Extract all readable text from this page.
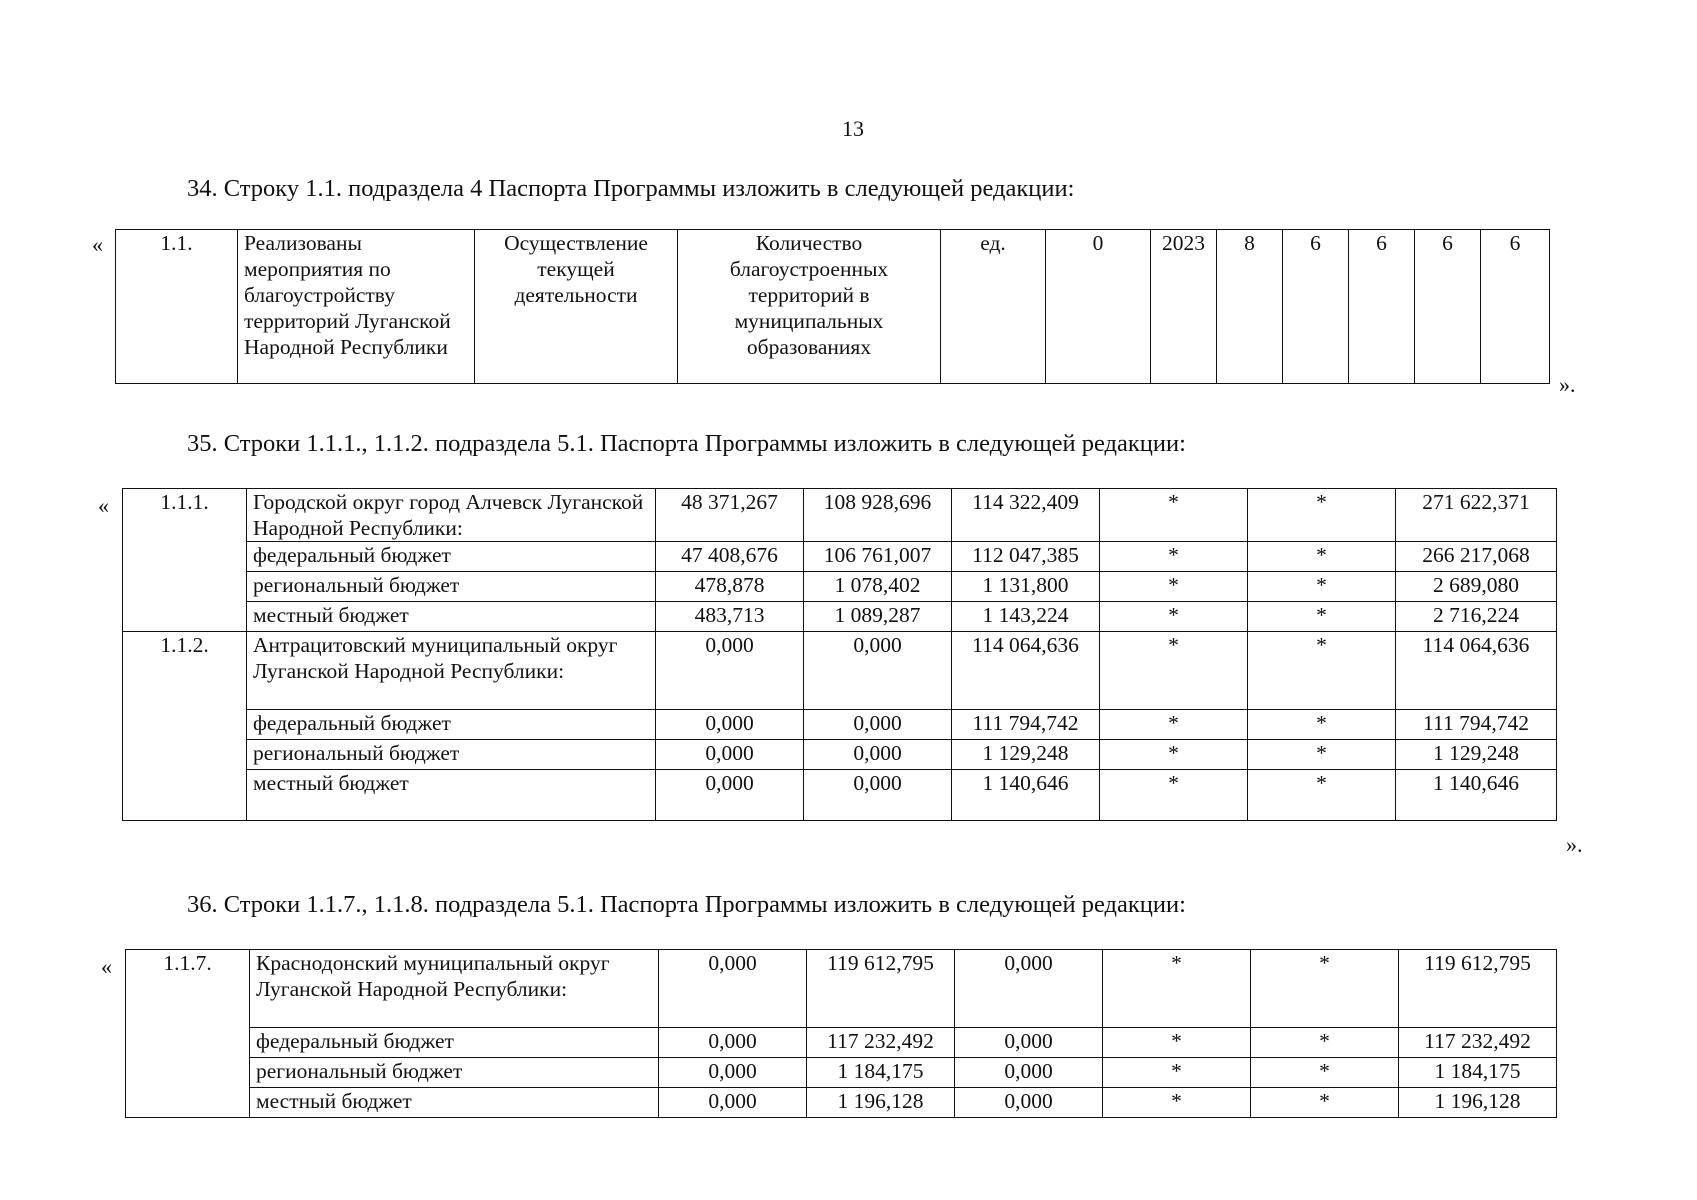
13
34. Строку 1.1. подраздела 4 Паспорта Программы изложить в следующей редакции:
«	1.1.	Реализованы мероприятия по благоустройству территорий Луганской Народной Республики	Осуществление текущей деятельности	Количество благоустроенных территорий в муниципальных образованиях	ед.	0	2023	8	6	6	6	6
».
35. Строки 1.1.1., 1.1.2. подраздела 5.1. Паспорта Программы изложить в следующей редакции:
« 1.1.1.	Городской округ город Алчевск Луганской Народной Республики:	48 371,267	108 928,696	114 322,409	*	*	271 622,371
	федеральный бюджет	47 408,676	106 761,007	112 047,385	*	*	266 217,068
	региональный бюджет	478,878	1 078,402	1 131,800	*	*	2 689,080
	местный бюджет	483,713	1 089,287	1 143,224	*	*	2 716,224
1.1.2.	Антрацитовский муниципальный округ Луганской Народной Республики:	0,000	0,000	114 064,636	*	*	114 064,636
	федеральный бюджет	0,000	0,000	111 794,742	*	*	111 794,742
	региональный бюджет	0,000	0,000	1 129,248	*	*	1 129,248
	местный бюджет	0,000	0,000	1 140,646	*	*	1 140,646
».
36. Строки 1.1.7., 1.1.8. подраздела 5.1. Паспорта Программы изложить в следующей редакции:
« 1.1.7.	Краснодонский муниципальный округ Луганской Народной Республики:	0,000	119 612,795	0,000	*	*	119 612,795
	федеральный бюджет	0,000	117 232,492	0,000	*	*	117 232,492
	региональный бюджет	0,000	1 184,175	0,000	*	*	1 184,175
	местный бюджет	0,000	1 196,128	0,000	*	*	1 196,128
